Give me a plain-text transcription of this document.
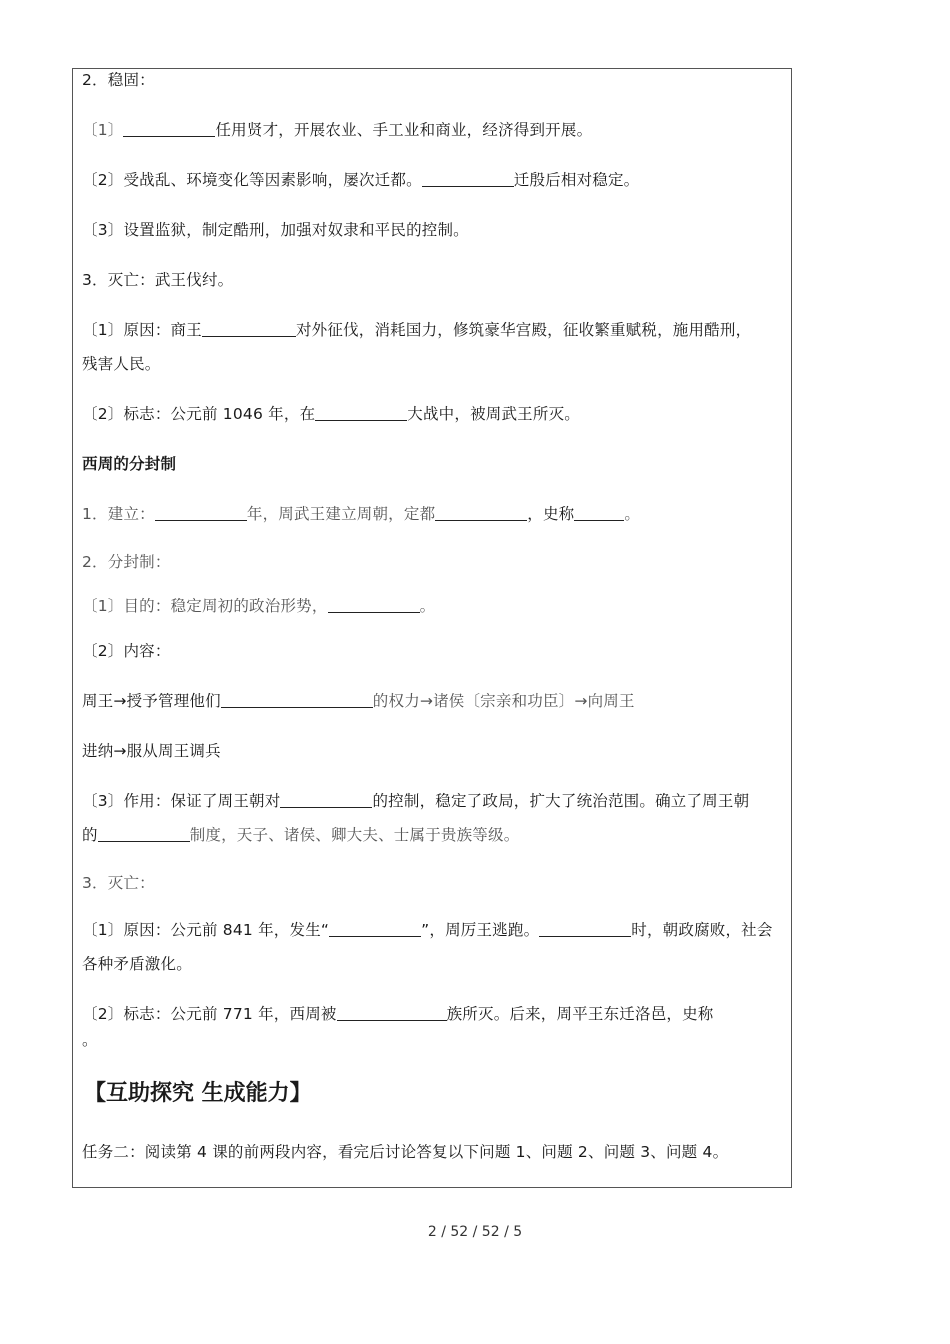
2．稳固：
〔1〕	任用贤才，开展农业、手工业和商业，经济得到开展。
〔2〕受战乱、环境变化等因素影响，屡次迁都。	迁殷后相对稳定。
〔3〕设置监狱，制定酷刑，加强对奴隶和平民的控制。
3．灭亡：武王伐纣。
〔1〕原因：商王	对外征伐，消耗国力，修筑豪华宫殿，征收繁重赋税，施用酷刑，
残害人民。
〔2〕标志：公元前 1046 年，在	大战中，被周武王所灭。
西周的分封制
1．建立：	年，周武王建立周朝，定都	，史称	。
2．分封制：
〔1〕目的：稳定周初的政治形势，	。
〔2〕内容：
周王→授予管理他们	的权力→诸侯〔宗亲和功臣〕→向周王
进纳→服从周王调兵
〔3〕作用：保证了周王朝对	的控制，稳定了政局，扩大了统治范围。确立了周王朝
的	制度，天子、诸侯、卿大夫、士属于贵族等级。
3．灭亡：
〔1〕原因：公元前 841 年，发生“	”，周厉王逃跑。	时，朝政腐败，社会
各种矛盾激化。
〔2〕标志：公元前 771 年，西周被	族所灭。后来，周平王东迁洛邑，史称
。
【互助探究 生成能力】
任务二：阅读第 4 课的前两段内容，看完后讨论答复以下问题 1、问题 2、问题 3、问题 4。
2 / 52 / 52 / 5
